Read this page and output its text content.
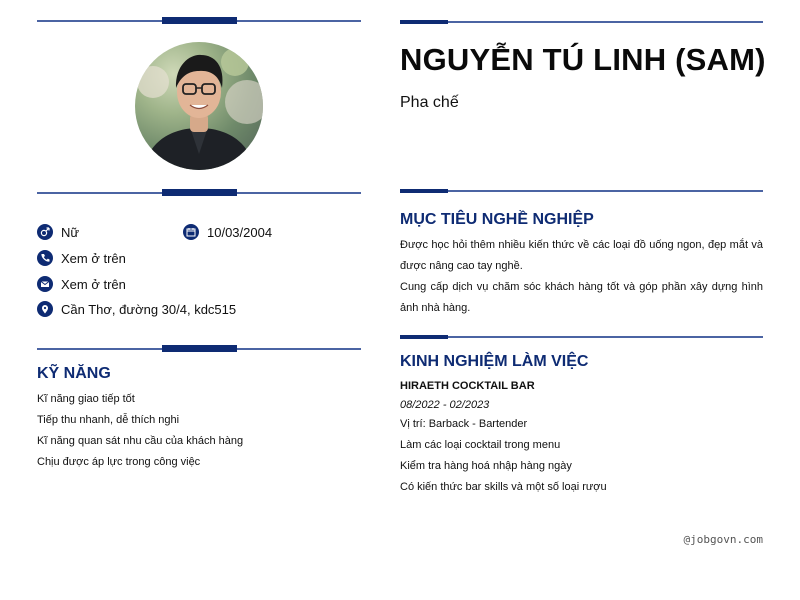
Nữ	10/03/2004
Xem ở trên
Xem ở trên
Cần Thơ, đường 30/4, kdc515
KỸ NĂNG
Kĩ năng giao tiếp tốt
Tiếp thu nhanh, dễ thích nghi
Kĩ năng quan sát nhu cầu của khách hàng
Chịu được áp lực trong công việc
NGUYỄN TÚ LINH (SAM)
Pha chế
MỤC TIÊU NGHỀ NGHIỆP
Được học hỏi thêm nhiều kiến thức về các loại đồ uống ngon, đẹp mắt và được nâng cao tay nghề.
Cung cấp dịch vụ chăm sóc khách hàng tốt và góp phần xây dựng hình ảnh nhà hàng.
KINH NGHIỆM LÀM VIỆC
HIRAETH COCKTAIL BAR
08/2022 - 02/2023
Vị trí: Barback - Bartender
Làm các loại cocktail trong menu
Kiểm tra hàng hoá nhập hàng ngày
Có kiến thức bar skills và một số loại rượu
@jobgovn.com
